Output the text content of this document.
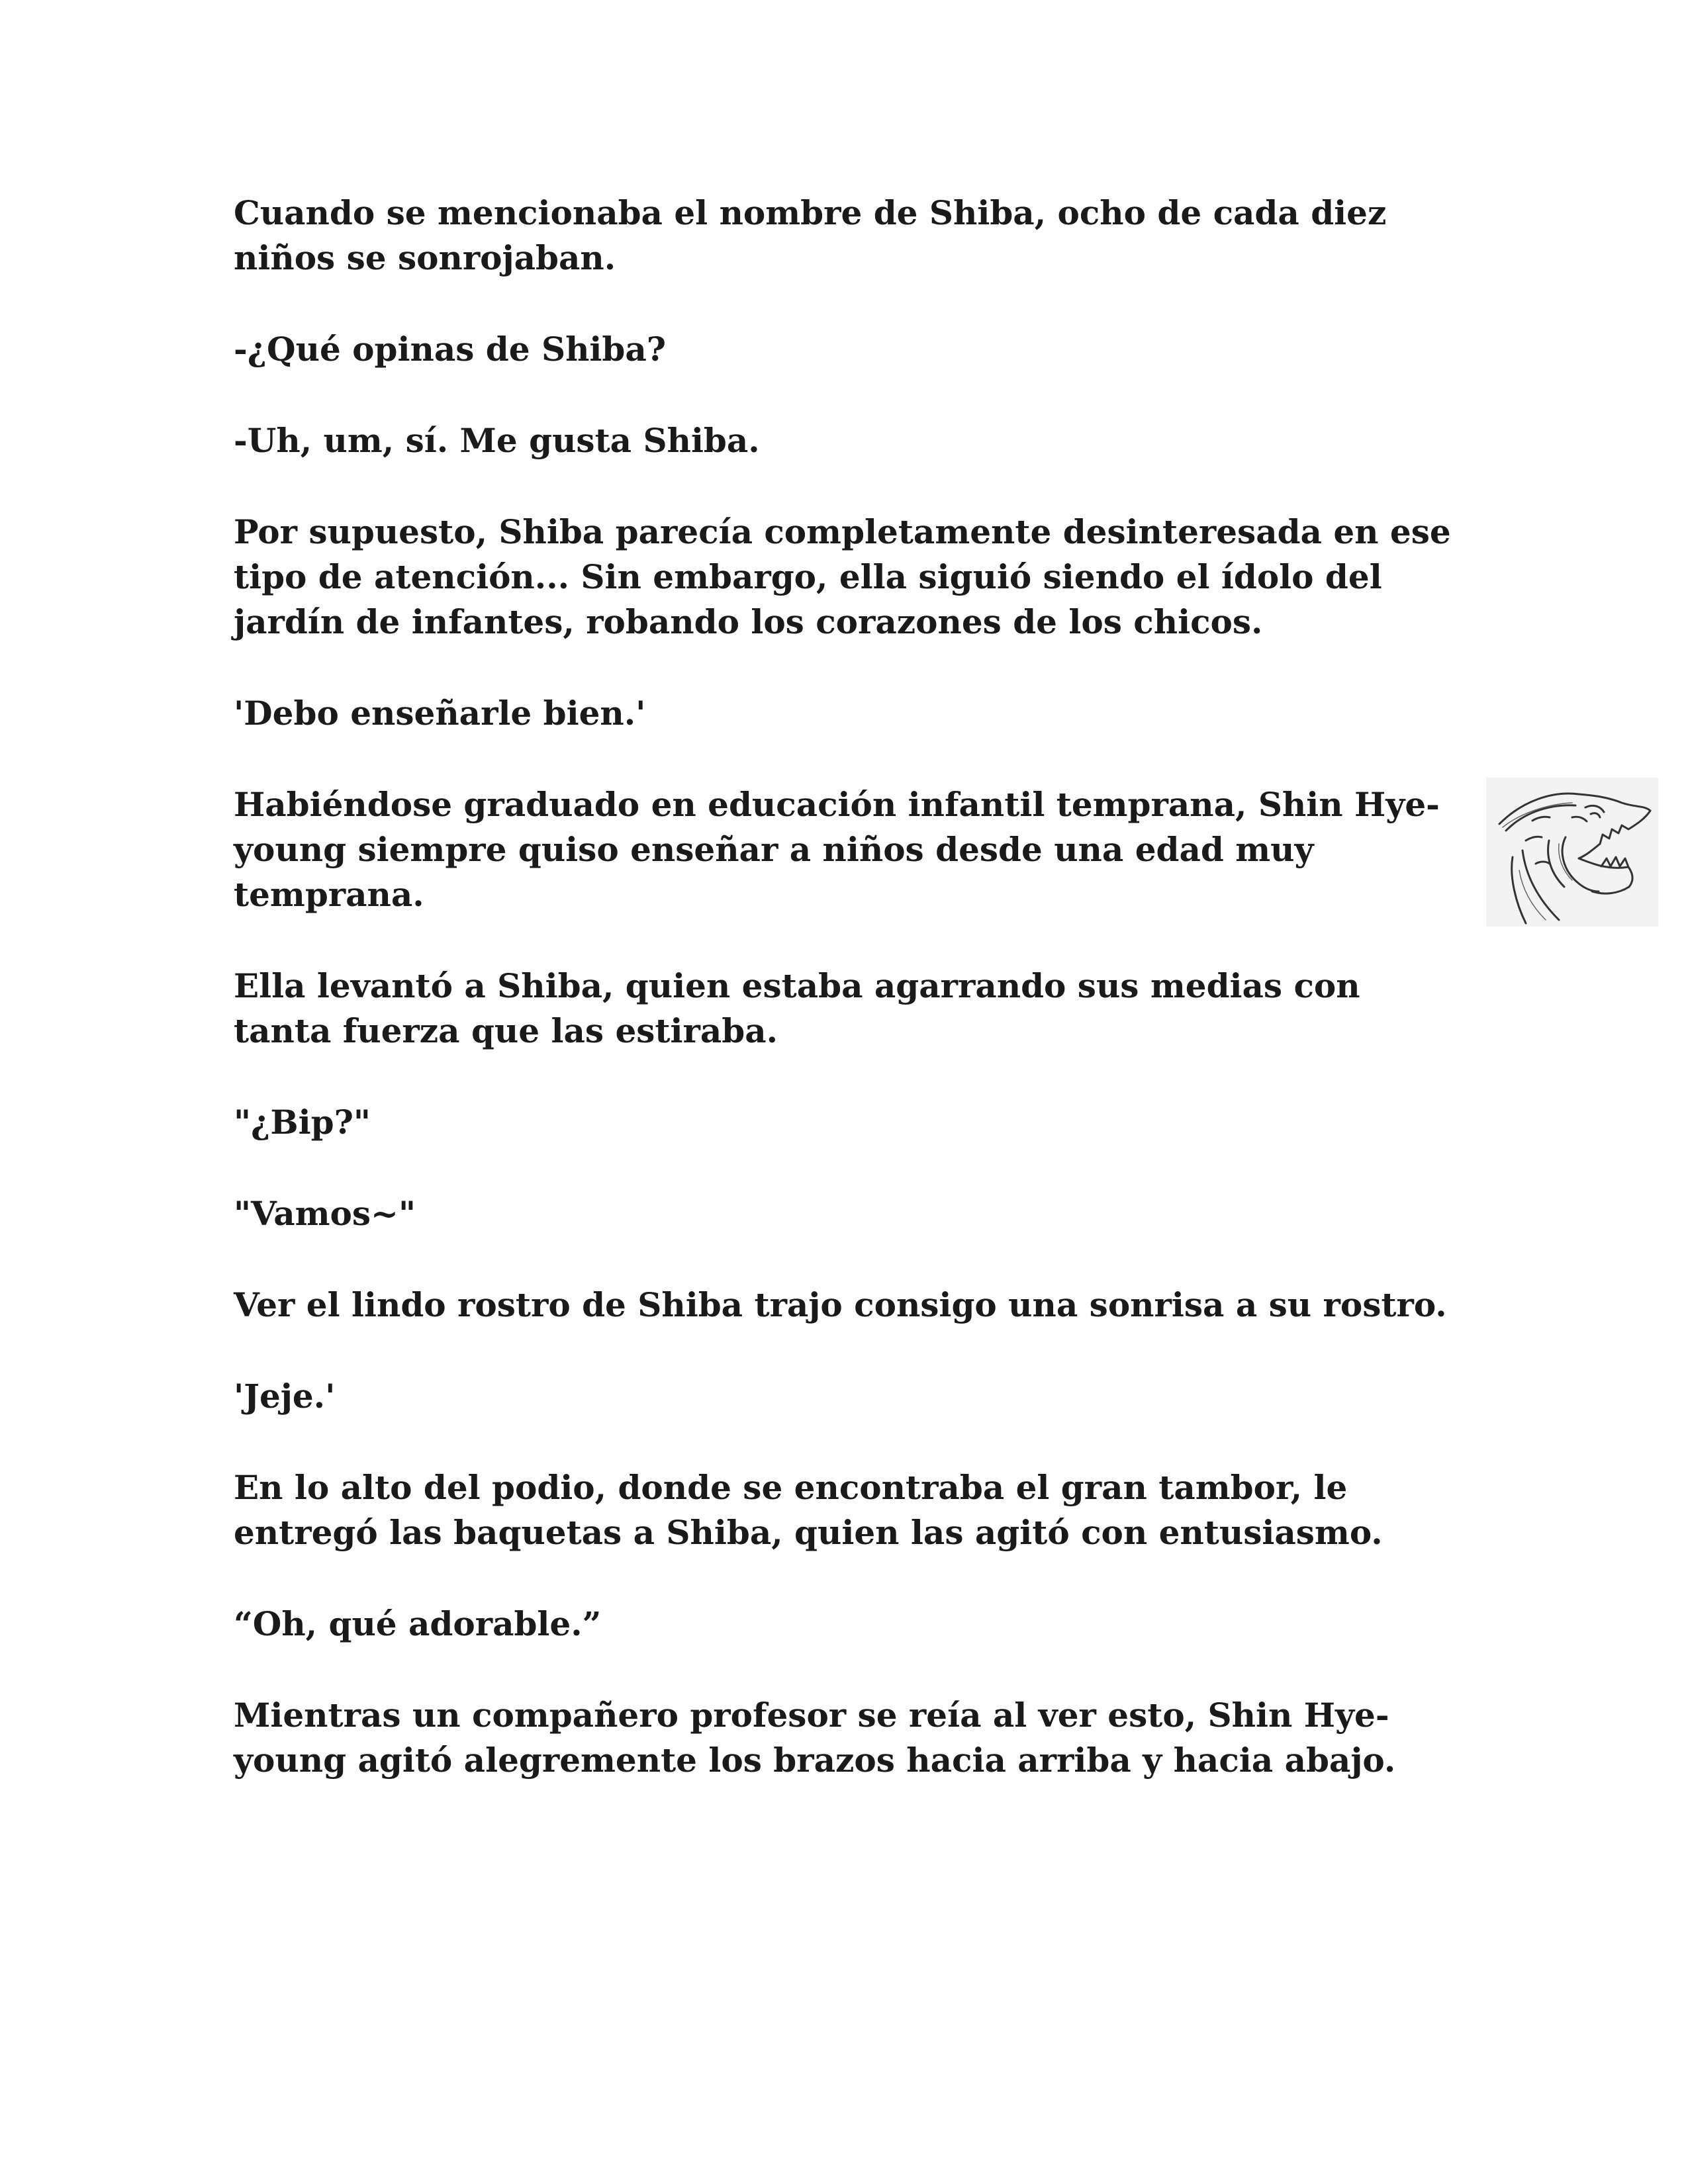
Cuando se mencionaba el nombre de Shiba, ocho de cada diez niños se sonrojaban.

-¿Qué opinas de Shiba?

-Uh, um, sí. Me gusta Shiba.

Por supuesto, Shiba parecía completamente desinteresada en ese tipo de atención... Sin embargo, ella siguió siendo el ídolo del jardín de infantes, robando los corazones de los chicos.

'Debo enseñarle bien.'

Habiéndose graduado en educación infantil temprana, Shin Hye-young siempre quiso enseñar a niños desde una edad muy temprana.

Ella levantó a Shiba, quien estaba agarrando sus medias con tanta fuerza que las estiraba.

"¿Bip?"

"Vamos~"

Ver el lindo rostro de Shiba trajo consigo una sonrisa a su rostro.

'Jeje.'

En lo alto del podio, donde se encontraba el gran tambor, le entregó las baquetas a Shiba, quien las agitó con entusiasmo.

“Oh, qué adorable.”

Mientras un compañero profesor se reía al ver esto, Shin Hye-young agitó alegremente los brazos hacia arriba y hacia abajo.
